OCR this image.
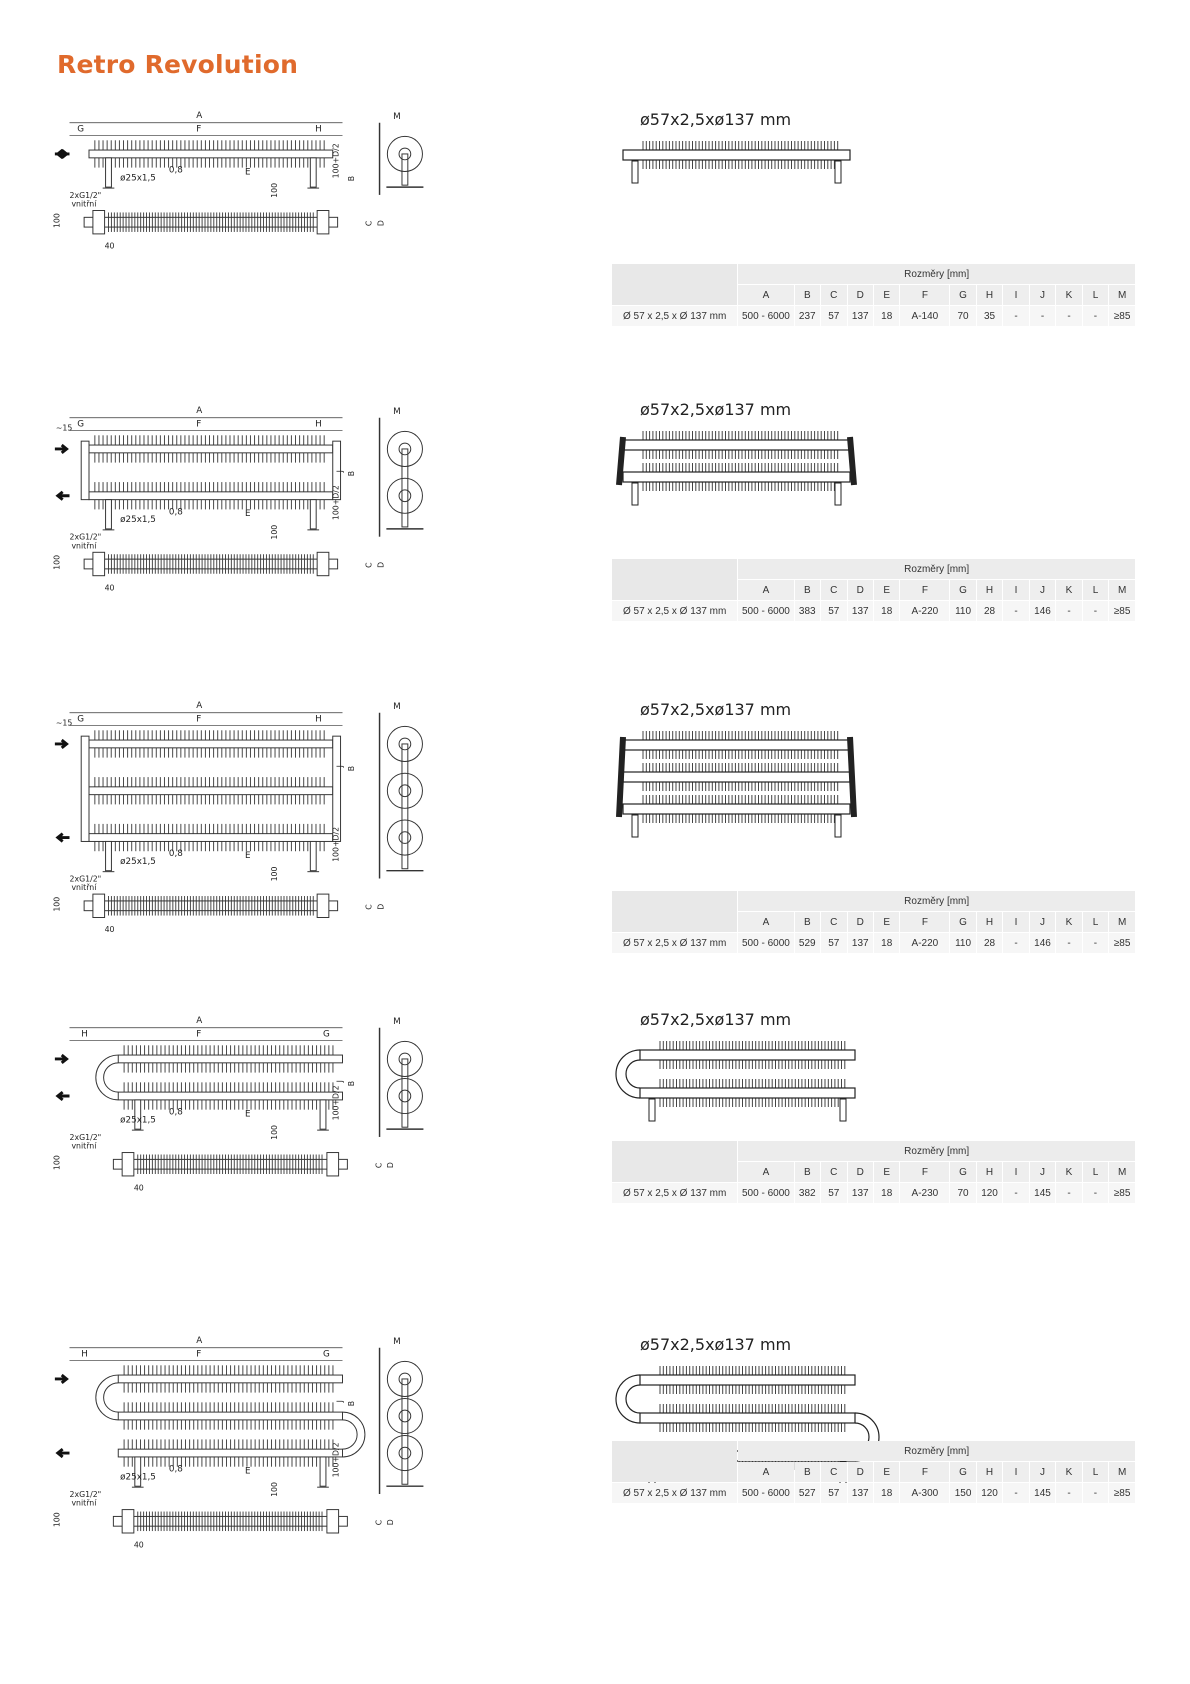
Retro Revolution
A
F
G	H
ø25x1,5
0,8	E
2xG1/2"
vnitřní
100
100+D/2
B
M
100
40
C D
ø57x2,5xø137 mm
	Rozměry [mm]												
	A	B	C	D	E	F	G	H	I	J	K	L	M
Ø 57 x 2,5 x Ø 137 mm	500 - 6000	237	57	137	18	A-140	70	35	-	-	-	-	≥85
A
F
G	H
~15
ø25x1,5
0,8	E
2xG1/2"
vnitřní
100
100+D/2
B
J
M
100
40
C D
ø57x2,5xø137 mm
	Rozměry [mm]												
	A	B	C	D	E	F	G	H	I	J	K	L	M
Ø 57 x 2,5 x Ø 137 mm	500 - 6000	383	57	137	18	A-220	110	28	-	146	-	-	≥85
A
F
G	H
~15
ø25x1,5
0,8	E
2xG1/2"
vnitřní
100
100+D/2
B
J
M
100
40
C D
ø57x2,5xø137 mm
	Rozměry [mm]												
	A	B	C	D	E	F	G	H	I	J	K	L	M
Ø 57 x 2,5 x Ø 137 mm	500 - 6000	529	57	137	18	A-220	110	28	-	146	-	-	≥85
A
F	G
H
ø25x1,5
0,8	E
2xG1/2"
vnitřní
100
100+D/2
B
J
M
100
40
C D
ø57x2,5xø137 mm
	Rozměry [mm]												
	A	B	C	D	E	F	G	H	I	J	K	L	M
Ø 57 x 2,5 x Ø 137 mm	500 - 6000	382	57	137	18	A-230	70	120	-	145	-	-	≥85
A
F	G
H
ø25x1,5
0,8	E
2xG1/2"
vnitřní
100
100+D/2
B
J
M
100
40
C D
ø57x2,5xø137 mm
	Rozměry [mm]												
	A	B	C	D	E	F	G	H	I	J	K	L	M
Ø 57 x 2,5 x Ø 137 mm	500 - 6000	527	57	137	18	A-300	150	120	-	145	-	-	≥85
